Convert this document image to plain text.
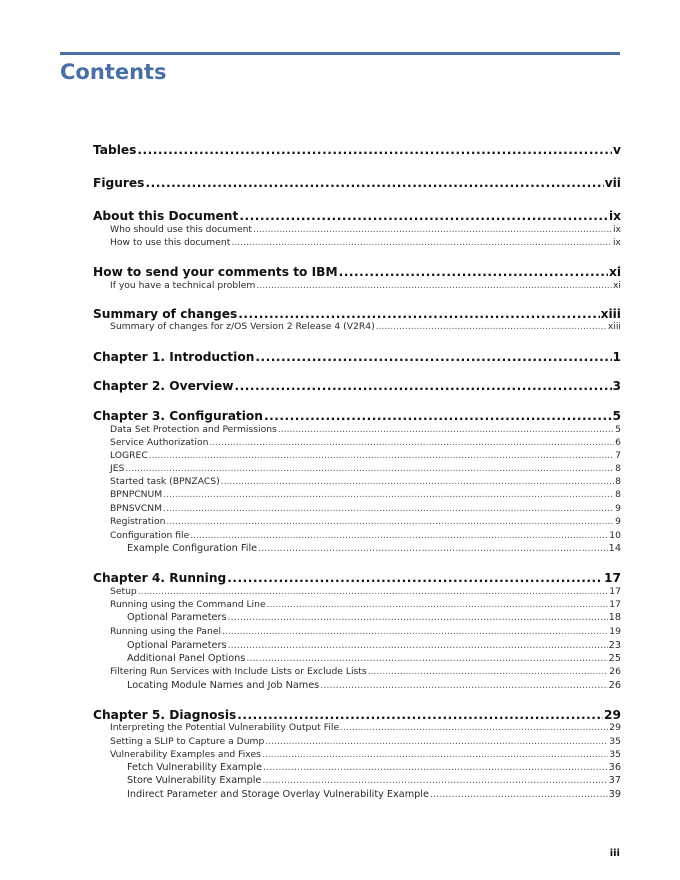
Contents
Tables .....	v
Figures .....	vii
About this Document .....	ix
Who should use this document .....	ix
How to use this document .....	ix
How to send your comments to IBM .....	xi
If you have a technical problem .....	xi
Summary of changes .....	xiii
Summary of changes for z/OS Version 2 Release 4 (V2R4) .....	xiii
Chapter 1. Introduction .....	1
Chapter 2. Overview .....	3
Chapter 3. Configuration .....	5
Data Set Protection and Permissions .....	5
Service Authorization .....	6
LOGREC .....	7
JES .....	8
Started task (BPNZACS) .....	8
BPNPCNUM .....	8
BPNSVCNM .....	9
Registration .....	9
Configuration file .....	10
Example Configuration File .....	14
Chapter 4. Running .....	17
Setup .....	17
Running using the Command Line .....	17
Optional Parameters .....	18
Running using the Panel .....	19
Optional Parameters .....	23
Additional Panel Options .....	25
Filtering Run Services with Include Lists or Exclude Lists .....	26
Locating Module Names and Job Names .....	26
Chapter 5. Diagnosis .....	29
Interpreting the Potential Vulnerability Output File .....	29
Setting a SLIP to Capture a Dump .....	35
Vulnerability Examples and Fixes .....	35
Fetch Vulnerability Example .....	36
Store Vulnerability Example .....	37
Indirect Parameter and Storage Overlay Vulnerability Example .....	39
iii
